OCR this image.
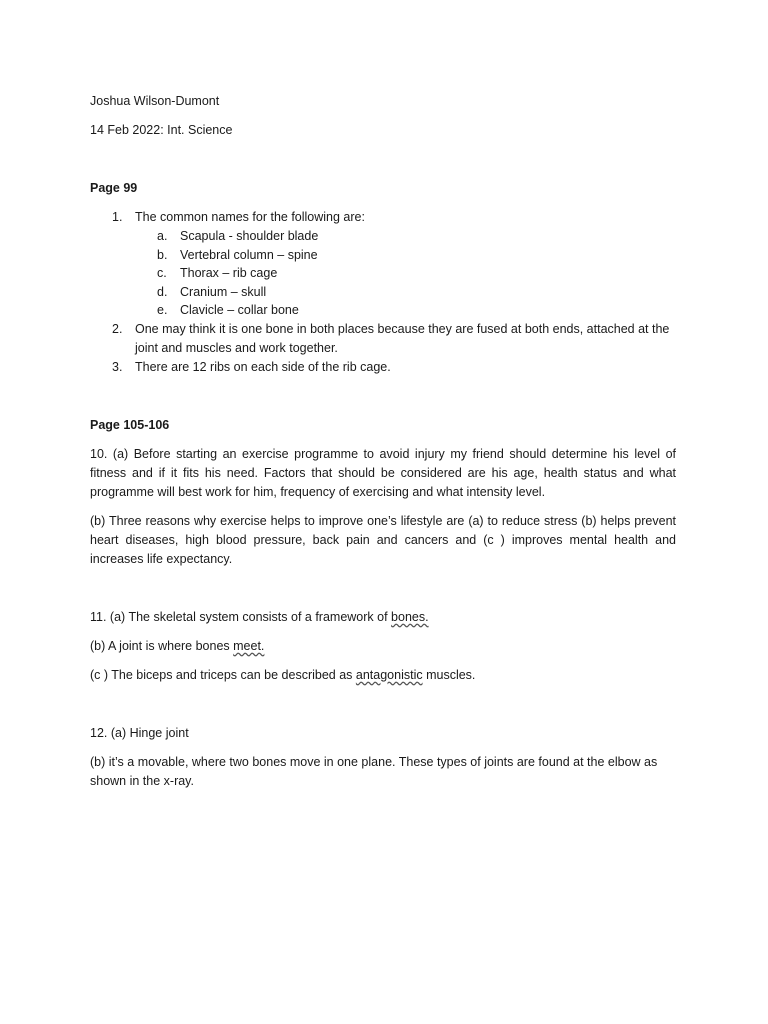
Joshua Wilson-Dumont

14 Feb 2022: Int. Science

Page 99

1. The common names for the following are:
a. Scapula - shoulder blade
b. Vertebral column – spine
c. Thorax – rib cage
d. Cranium – skull
e. Clavicle – collar bone
2. One may think it is one bone in both places because they are fused at both ends, attached at the joint and muscles and work together.
3. There are 12 ribs on each side of the rib cage.

Page 105-106

10. (a) Before starting an exercise programme to avoid injury my friend should determine his level of fitness and if it fits his need. Factors that should be considered are his age, health status and what programme will best work for him, frequency of exercising and what intensity level.

(b) Three reasons why exercise helps to improve one’s lifestyle are (a) to reduce stress (b) helps prevent heart diseases, high blood pressure, back pain and cancers and (c ) improves mental health and increases life expectancy.

11. (a) The skeletal system consists of a framework of bones.

(b) A joint is where bones meet.

(c ) The biceps and triceps can be described as antagonistic muscles.

12. (a) Hinge joint

(b) it’s a movable, where two bones move in one plane. These types of joints are found at the elbow as shown in the x-ray.
